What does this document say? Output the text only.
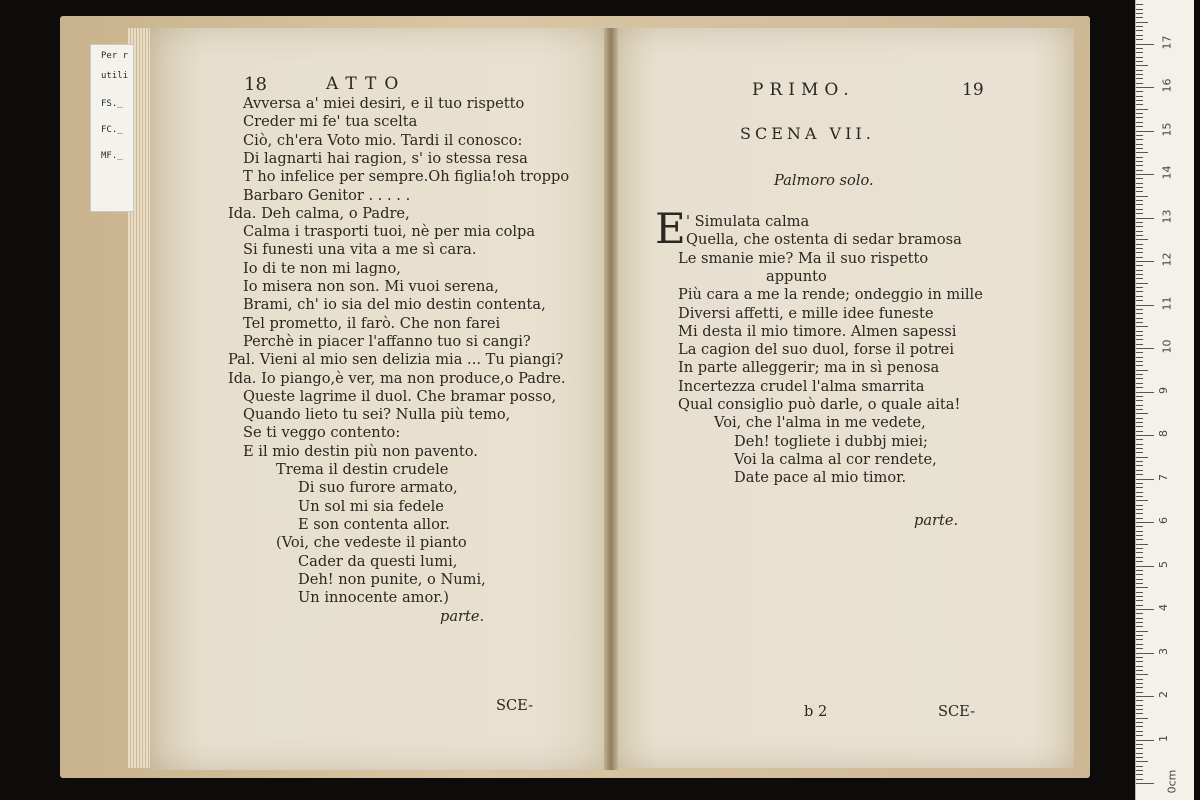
Per r
utili
FS._
FC._
MF._
18	ATTO
Avversa a' miei desiri, e il tuo rispetto
Creder mi fe' tua scelta
Ciò, ch'era Voto mio. Tardi il conosco:
Di lagnarti hai ragion, s' io stessa resa
T ho infelice per sempre.Oh figlia!oh troppo
Barbaro Genitor . . . . .
Ida. Deh calma, o Padre,
Calma i trasporti tuoi, nè per mia colpa
Si funesti una vita a me sì cara.
Io di te non mi lagno,
Io misera non son. Mi vuoi serena,
Brami, ch' io sia del mio destin contenta,
Tel prometto, il farò. Che non farei
Perchè in piacer l'affanno tuo si cangi?
Pal. Vieni al mio sen delizia mia ... Tu piangi?
Ida. Io piango,è ver, ma non produce,o Padre.
Queste lagrime il duol. Che bramar posso,
Quando lieto tu sei? Nulla più temo,
Se ti veggo contento:
E il mio destin più non pavento.
Trema il destin crudele
Di suo furore armato,
Un sol mi sia fedele
E son contenta allor.
(Voi, che vedeste il pianto
Cader da questi lumi,
Deh! non punite, o Numi,
Un innocente amor.)
parte.
SCE-
PRIMO.	19
SCENA VII.
Palmoro solo.
E ' Simulata calma
Quella, che ostenta di sedar bramosa
Le smanie mie? Ma il suo rispetto
appunto
Più cara a me la rende; ondeggio in mille
Diversi affetti, e mille idee funeste
Mi desta il mio timore. Almen sapessi
La cagion del suo duol, forse il potrei
In parte alleggerir; ma in sì penosa
Incertezza crudel l'alma smarrita
Qual consiglio può darle, o quale aita!
Voi, che l'alma in me vedete,
Deh! togliete i dubbj miei;
Voi la calma al cor rendete,
Date pace al mio timor.
parte.
b 2	SCE-
0cm
1
2
3
4
5
6
7
8
9
10
11
12
13
14
15
16
17
